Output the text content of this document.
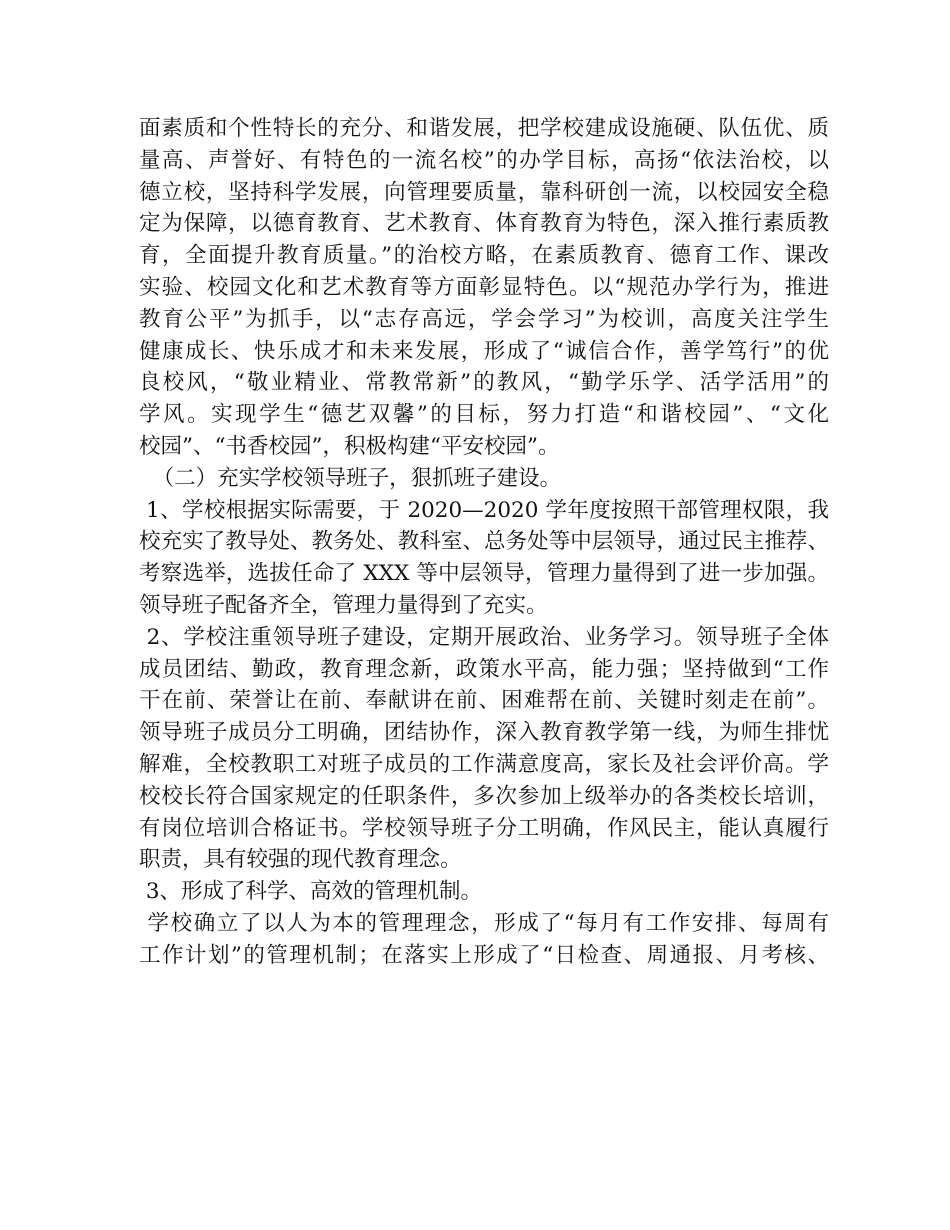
面素质和个性特长的充分、和谐发展，把学校建成设施硬、队伍优、质
量高、声誉好、有特色的一流名校”的办学目标，高扬“依法治校，以
德立校，坚持科学发展，向管理要质量，靠科研创一流，以校园安全稳
定为保障，以德育教育、艺术教育、体育教育为特色，深入推行素质教
育，全面提升教育质量。”的治校方略，在素质教育、德育工作、课改
实验、校园文化和艺术教育等方面彰显特色。以“规范办学行为，推进
教育公平”为抓手，以“志存高远，学会学习”为校训，高度关注学生
健康成长、快乐成才和未来发展，形成了“诚信合作，善学笃行”的优
良校风，“敬业精业、常教常新”的教风，“勤学乐学、活学活用”的
学风。实现学生“德艺双馨”的目标，努力打造“和谐校园”、“文化
校园”、“书香校园”，积极构建“平安校园”。
（二）充实学校领导班子，狠抓班子建设。
1、学校根据实际需要，于 2020—2020 学年度按照干部管理权限，我
校充实了教导处、教务处、教科室、总务处等中层领导，通过民主推荐、
考察选举，选拔任命了 XXX 等中层领导，管理力量得到了进一步加强。
领导班子配备齐全，管理力量得到了充实。
2、学校注重领导班子建设，定期开展政治、业务学习。领导班子全体
成员团结、勤政，教育理念新，政策水平高，能力强；坚持做到“工作
干在前、荣誉让在前、奉献讲在前、困难帮在前、关键时刻走在前”。
领导班子成员分工明确，团结协作，深入教育教学第一线，为师生排忧
解难，全校教职工对班子成员的工作满意度高，家长及社会评价高。学
校校长符合国家规定的任职条件，多次参加上级举办的各类校长培训，
有岗位培训合格证书。学校领导班子分工明确，作风民主，能认真履行
职责，具有较强的现代教育理念。
3、形成了科学、高效的管理机制。
学校确立了以人为本的管理理念，形成了“每月有工作安排、每周有
工作计划”的管理机制；在落实上形成了“日检查、周通报、月考核、
